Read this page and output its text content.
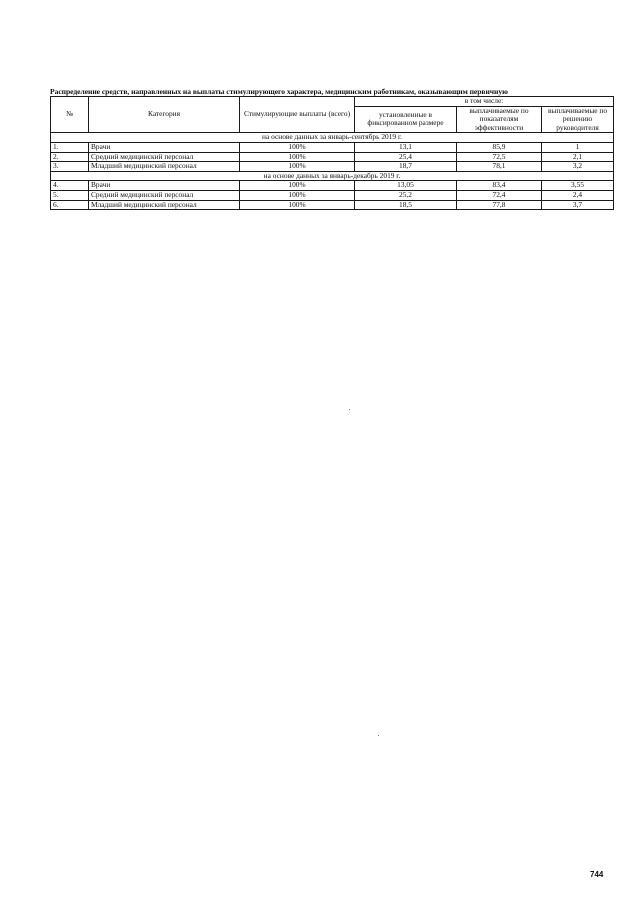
Распределение средств, направленных на выплаты стимулирующего характера, медицинским работникам, оказывающим первичную
№	Категория	Стимулирующие выплаты (всего)	в том числе:		
			установленные в фиксированном размере	выплачиваемые по показателям эффективности	выплачиваемые по решению руководителя
на основе данных за январь-сентябрь 2019 г.					
1.	Врачи	100%	13,1	85,9	1
2.	Средний медицинский персонал	100%	25,4	72,5	2,1
3.	Младший медицинский персонал	100%	18,7	78,1	3,2
на основе данных за январь-декабрь 2019 г.					
4.	Врачи	100%	13,05	83,4	3,55
5.	Средний медицинский персонал	100%	25,2	72,4	2,4
6.	Младший медицинский персонал	100%	18,5	77,8	3,7
744
